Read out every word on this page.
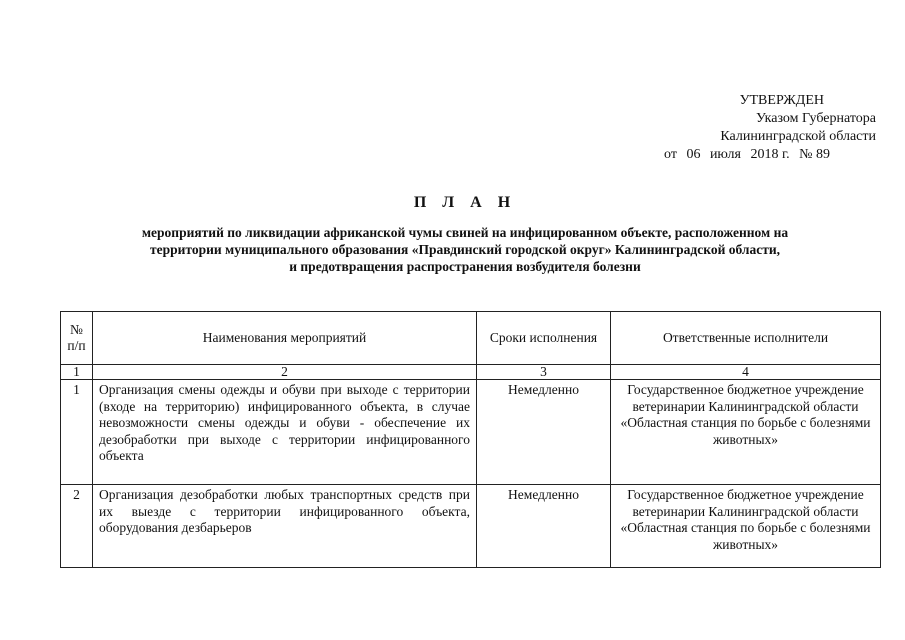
УТВЕРЖДЕН
Указом Губернатора
Калининградской области
от 06 июля 2018 г. № 89
П Л А Н
мероприятий по ликвидации африканской чумы свиней на инфицированном объекте, расположенном на
территории муниципального образования «Правдинский городской округ» Калининградской области,
и предотвращения распространения возбудителя болезни
№ п/п	Наименования мероприятий	Сроки исполнения	Ответственные исполнители
1	2	3	4
1	Организация смены одежды и обуви при выходе с территории (входе на территорию) инфицированного объекта, в случае невозможности смены одежды и обуви - обеспечение их дезобработки при выходе с территории инфицированного объекта	Немедленно	Государственное бюджетное учреждение ветеринарии Калининградской области «Областная станция по борьбе с болезнями животных»
2	Организация дезобработки любых транспортных средств при их выезде с территории инфицированного объекта, оборудования дезбарьеров	Немедленно	Государственное бюджетное учреждение ветеринарии Калининградской области «Областная станция по борьбе с болезнями животных»
